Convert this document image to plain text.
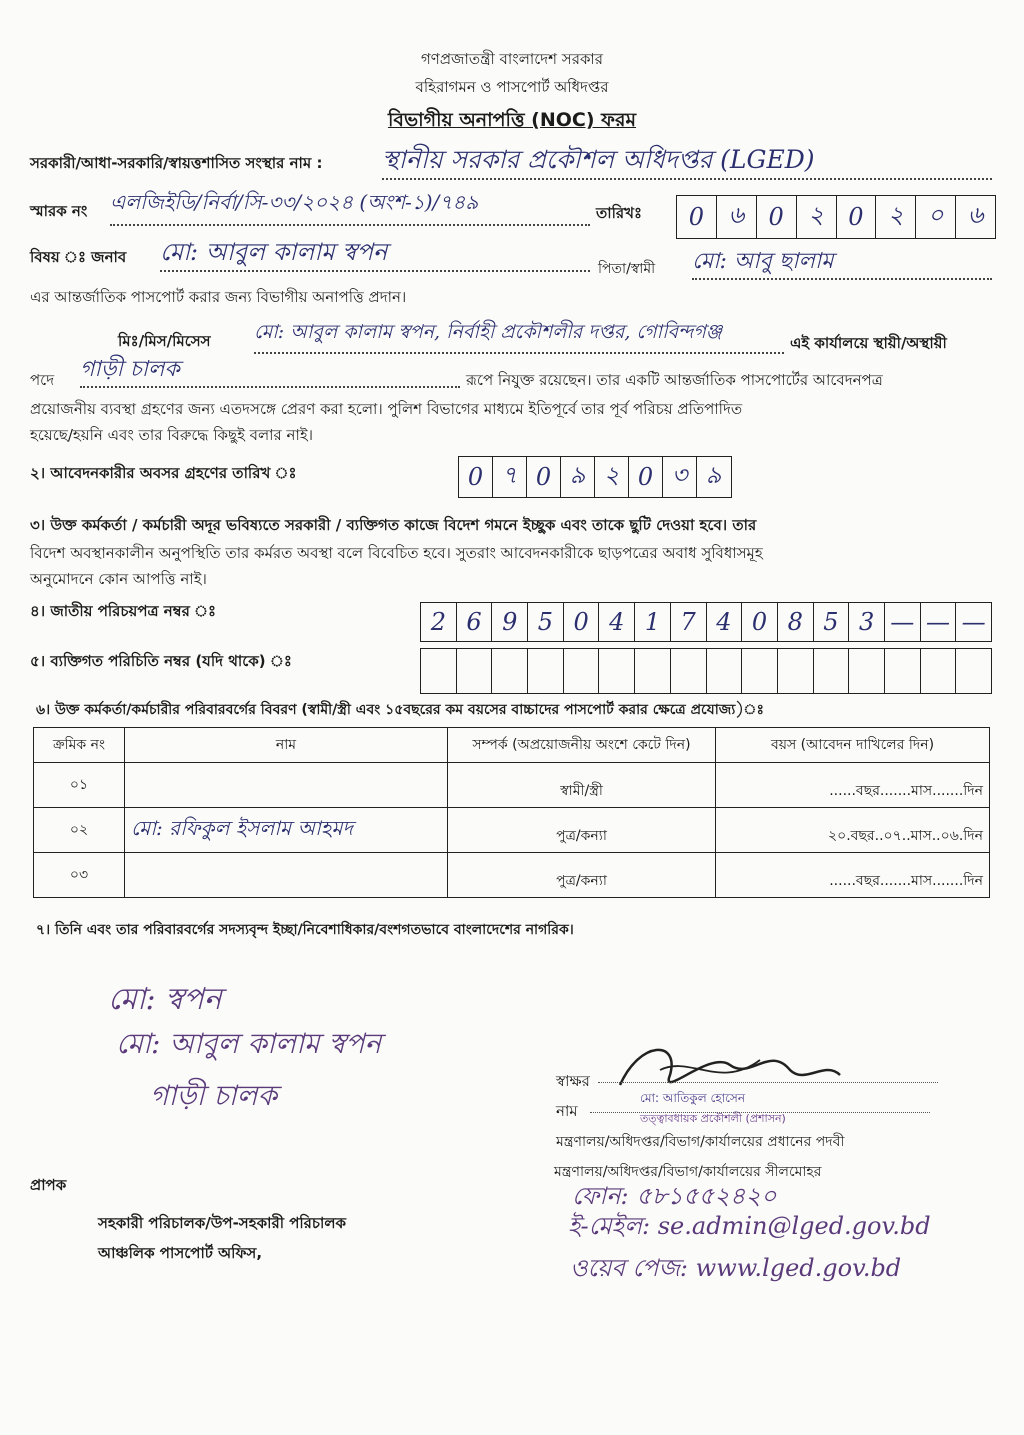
গণপ্রজাতন্ত্রী বাংলাদেশ সরকার
বহিরাগমন ও পাসপোর্ট অধিদপ্তর
বিভাগীয় অনাপত্তি (NOC) ফরম
সরকারী/আধা-সরকারি/স্বায়ত্তশাসিত সংস্থার নাম : স্থানীয় সরকার প্রকৌশল অধিদপ্তর (LGED)
স্মারক নং এলজিইডি/নির্বা/সি-৩৩/২০২৪ (অংশ-১)/৭৪৯	তারিখঃ	0	৬	0	২	0	২	০	৬
বিষয় ঃ জনাব মো: আবুল কালাম স্বপন
পিতা/স্বামী মো: আবু ছালাম
এর আন্তর্জাতিক পাসপোর্ট করার জন্য বিভাগীয় অনাপত্তি প্রদান।
মিঃ/মিস/মিসেস মো: আবুল কালাম স্বপন, নির্বাহী প্রকৌশলীর দপ্তর, গোবিন্দগঞ্জ	এই কার্যালয়ে স্থায়ী/অস্থায়ী
পদে গাড়ী চালক	রূপে নিযুক্ত রয়েছেন। তার একটি আন্তর্জাতিক পাসপোর্টের আবেদনপত্র
প্রয়োজনীয় ব্যবস্থা গ্রহণের জন্য এতদসঙ্গে প্রেরণ করা হলো। পুলিশ বিভাগের মাধ্যমে ইতিপূর্বে তার পূর্ব পরিচয় প্রতিপাদিত
হয়েছে/হয়নি এবং তার বিরুদ্ধে কিছুই বলার নাই।
২। আবেদনকারীর অবসর গ্রহণের তারিখ ঃ	0 ৭ 0 ৯ ২ 0 ৩ ৯
৩। উক্ত কর্মকর্তা / কর্মচারী অদূর ভবিষ্যতে সরকারী / ব্যক্তিগত কাজে বিদেশ গমনে ইচ্ছুক এবং তাকে ছুটি দেওয়া হবে। তার
বিদেশ অবস্থানকালীন অনুপস্থিতি তার কর্মরত অবস্থা বলে বিবেচিত হবে। সুতরাং আবেদনকারীকে ছাড়পত্রের অবাধ সুবিধাসমূহ
অনুমোদনে কোন আপত্তি নাই।
৪। জাতীয় পরিচয়পত্র নম্বর ঃ	2 6 9 5 0 4 1 7 4 0 8 5 3 — — —
৫। ব্যক্তিগত পরিচিতি নম্বর (যদি থাকে) ঃ
৬। উক্ত কর্মকর্তা/কর্মচারীর পরিবারবর্গের বিবরণ (স্বামী/স্ত্রী এবং ১৫বছরের কম বয়সের বাচ্চাদের পাসপোর্ট করার ক্ষেত্রে প্রযোজ্য)ঃ
ক্রমিক নং	নাম	সম্পর্ক (অপ্রয়োজনীয় অংশে কেটে দিন)	বয়স (আবেদন দাখিলের দিন)
০১		স্বামী/স্ত্রী	......বছর.......মাস.......দিন
০২	মো: রফিকুল ইসলাম আহমদ	পুত্র/কন্যা	২০.বছর..০৭..মাস..০৬.দিন
০৩		পুত্র/কন্যা	......বছর.......মাস.......দিন
৭। তিনি এবং তার পরিবারবর্গের সদস্যবৃন্দ ইচ্ছা/নিবেশাধিকার/বংশগতভাবে বাংলাদেশের নাগরিক।
মো: স্বপন
মো: আবুল কালাম স্বপন
গাড়ী চালক	স্বাক্ষর
মো: আতিকুল হোসেন
নাম	তত্ত্বাবধায়ক প্রকৌশলী (প্রশাসন)
মন্ত্রণালয়/অধিদপ্তর/বিভাগ/কার্যালয়ের প্রধানের পদবী
মন্ত্রণালয়/অধিদপ্তর/বিভাগ/কার্যালয়ের সীলমোহর
ফোন: ৫৮১৫৫২৪২০
ই-মেইল: se.admin@lged.gov.bd
ওয়েব পেজ: www.lged.gov.bd
প্রাপক
সহকারী পরিচালক/উপ-সহকারী পরিচালক
আঞ্চলিক পাসপোর্ট অফিস,
